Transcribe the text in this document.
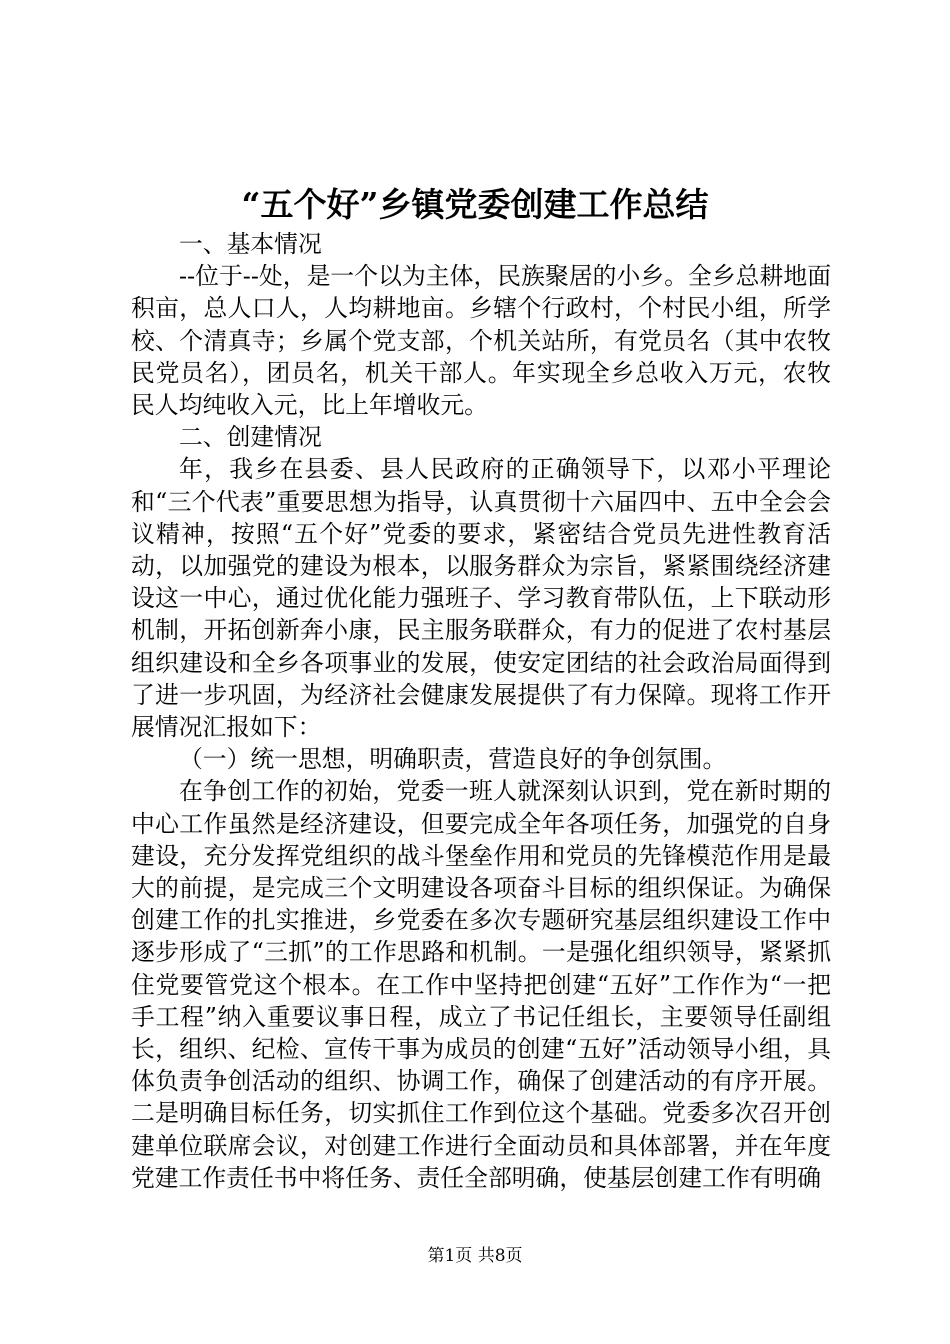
“五个好”乡镇党委创建工作总结

一、基本情况

--位于--处，是一个以为主体，民族聚居的小乡。全乡总耕地面积亩，总人口人，人均耕地亩。乡辖个行政村，个村民小组，所学校、个清真寺；乡属个党支部，个机关站所，有党员名（其中农牧民党员名），团员名，机关干部人。年实现全乡总收入万元，农牧民人均纯收入元，比上年增收元。

二、创建情况

年，我乡在县委、县人民政府的正确领导下，以邓小平理论和“三个代表”重要思想为指导，认真贯彻十六届四中、五中全会会议精神，按照“五个好”党委的要求，紧密结合党员先进性教育活动，以加强党的建设为根本，以服务群众为宗旨，紧紧围绕经济建设这一中心，通过优化能力强班子、学习教育带队伍，上下联动形机制，开拓创新奔小康，民主服务联群众，有力的促进了农村基层组织建设和全乡各项事业的发展，使安定团结的社会政治局面得到了进一步巩固，为经济社会健康发展提供了有力保障。现将工作开展情况汇报如下：

（一）统一思想，明确职责，营造良好的争创氛围。

在争创工作的初始，党委一班人就深刻认识到，党在新时期的中心工作虽然是经济建设，但要完成全年各项任务，加强党的自身建设，充分发挥党组织的战斗堡垒作用和党员的先锋模范作用是最大的前提，是完成三个文明建设各项奋斗目标的组织保证。为确保创建工作的扎实推进，乡党委在多次专题研究基层组织建设工作中逐步形成了“三抓”的工作思路和机制。一是强化组织领导，紧紧抓住党要管党这个根本。在工作中坚持把创建“五好”工作作为“一把手工程”纳入重要议事日程，成立了书记任组长，主要领导任副组长，组织、纪检、宣传干事为成员的创建“五好”活动领导小组，具体负责争创活动的组织、协调工作，确保了创建活动的有序开展。二是明确目标任务，切实抓住工作到位这个基础。党委多次召开创建单位联席会议，对创建工作进行全面动员和具体部署，并在年度党建工作责任书中将任务、责任全部明确，使基层创建工作有明确

第1页 共8页
